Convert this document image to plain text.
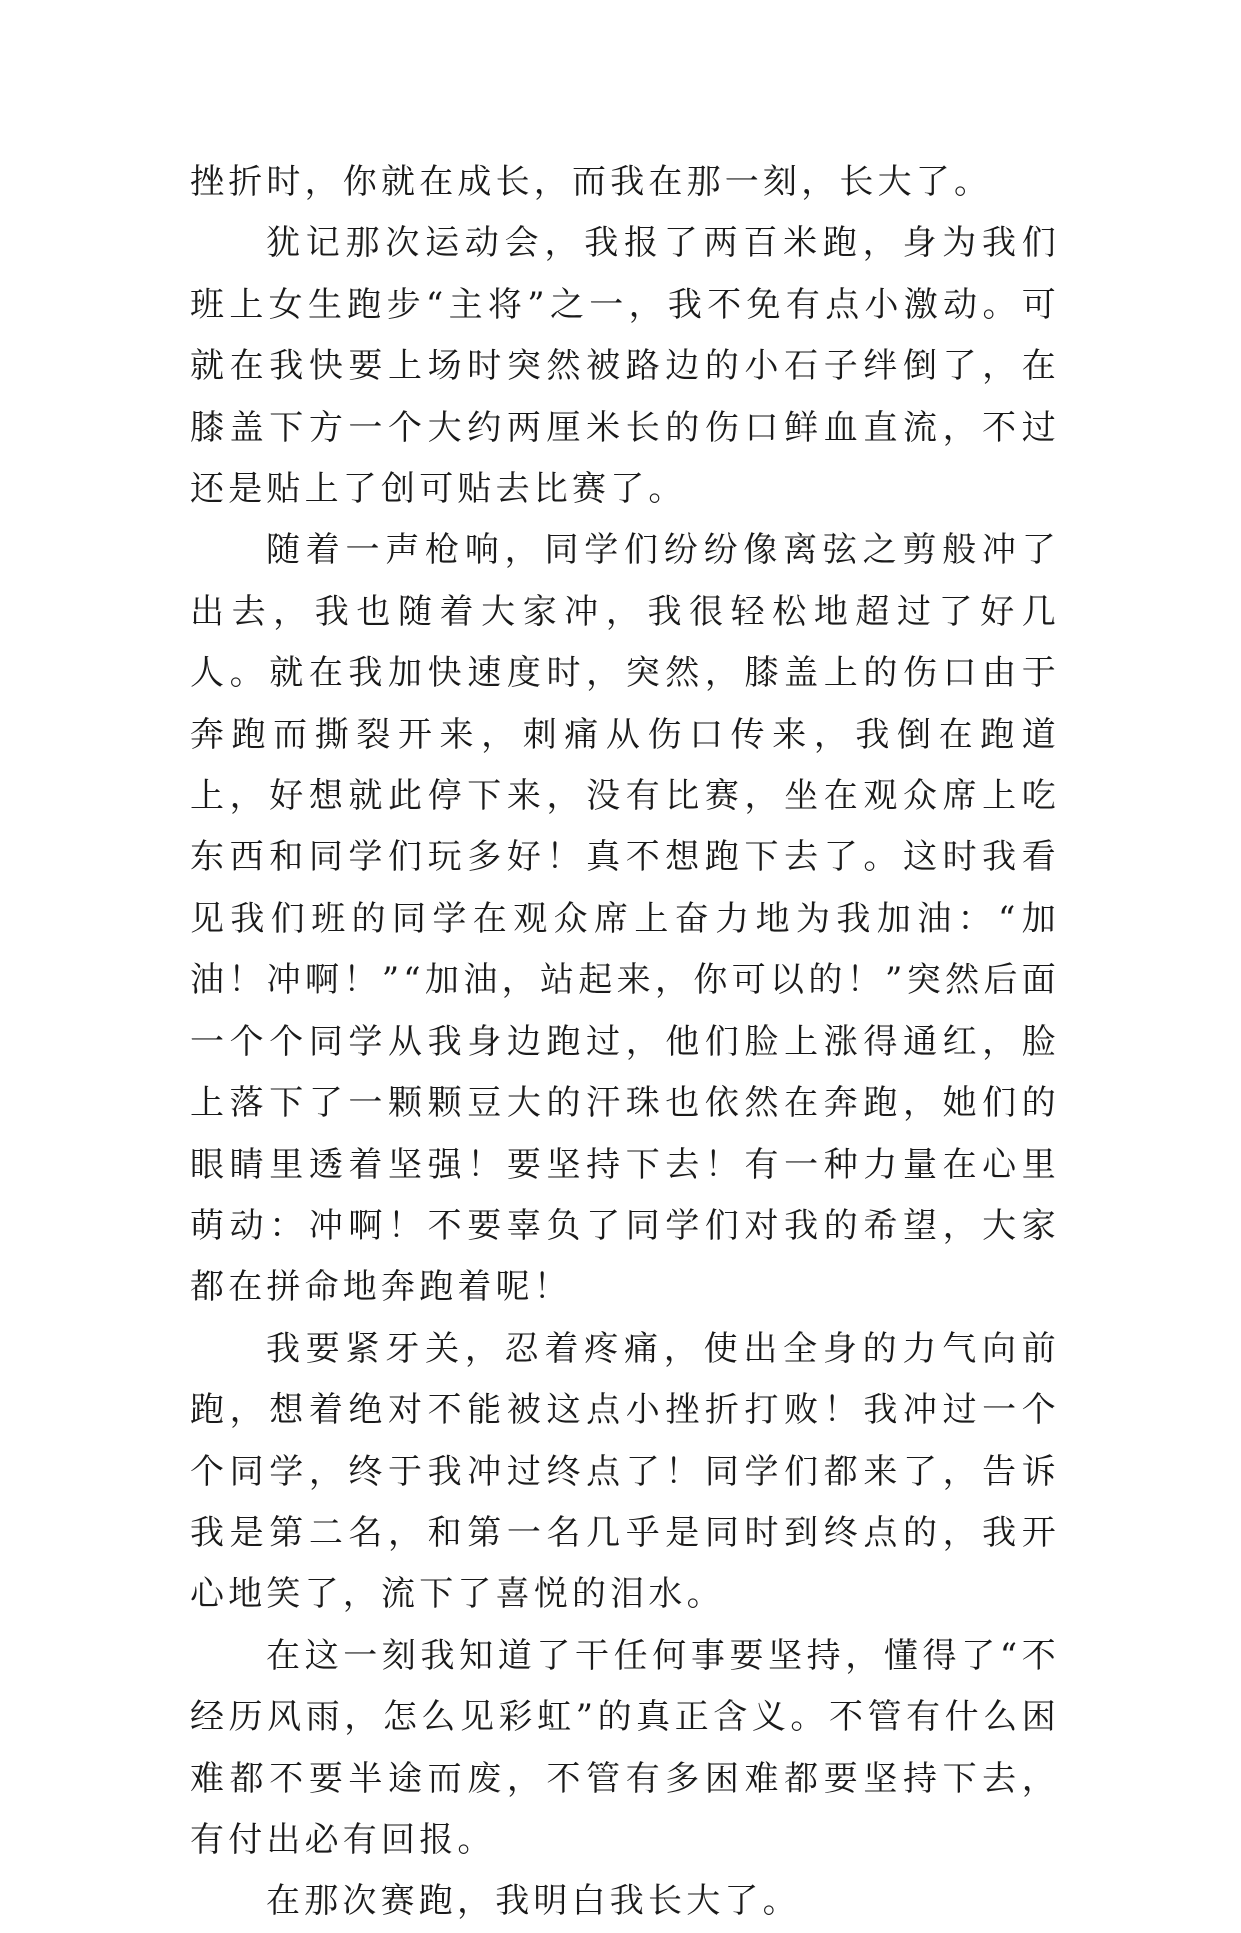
挫折时，你就在成长，而我在那一刻，长大了。

犹记那次运动会，我报了两百米跑，身为我们班上女生跑步“主将”之一，我不免有点小激动。可就在我快要上场时突然被路边的小石子绊倒了，在膝盖下方一个大约两厘米长的伤口鲜血直流，不过还是贴上了创可贴去比赛了。

随着一声枪响，同学们纷纷像离弦之剪般冲了出去，我也随着大家冲，我很轻松地超过了好几人。就在我加快速度时，突然，膝盖上的伤口由于奔跑而撕裂开来，刺痛从伤口传来，我倒在跑道上，好想就此停下来，没有比赛，坐在观众席上吃东西和同学们玩多好！真不想跑下去了。这时我看见我们班的同学在观众席上奋力地为我加油：“加油！冲啊！”“加油，站起来，你可以的！”突然后面一个个同学从我身边跑过，他们脸上涨得通红，脸上落下了一颗颗豆大的汗珠也依然在奔跑，她们的眼睛里透着坚强！要坚持下去！有一种力量在心里萌动：冲啊！不要辜负了同学们对我的希望，大家都在拼命地奔跑着呢！

我要紧牙关，忍着疼痛，使出全身的力气向前跑，想着绝对不能被这点小挫折打败！我冲过一个个同学，终于我冲过终点了！同学们都来了，告诉我是第二名，和第一名几乎是同时到终点的，我开心地笑了，流下了喜悦的泪水。

在这一刻我知道了干任何事要坚持，懂得了“不经历风雨，怎么见彩虹”的真正含义。不管有什么困难都不要半途而废，不管有多困难都要坚持下去，有付出必有回报。

在那次赛跑，我明白我长大了。
